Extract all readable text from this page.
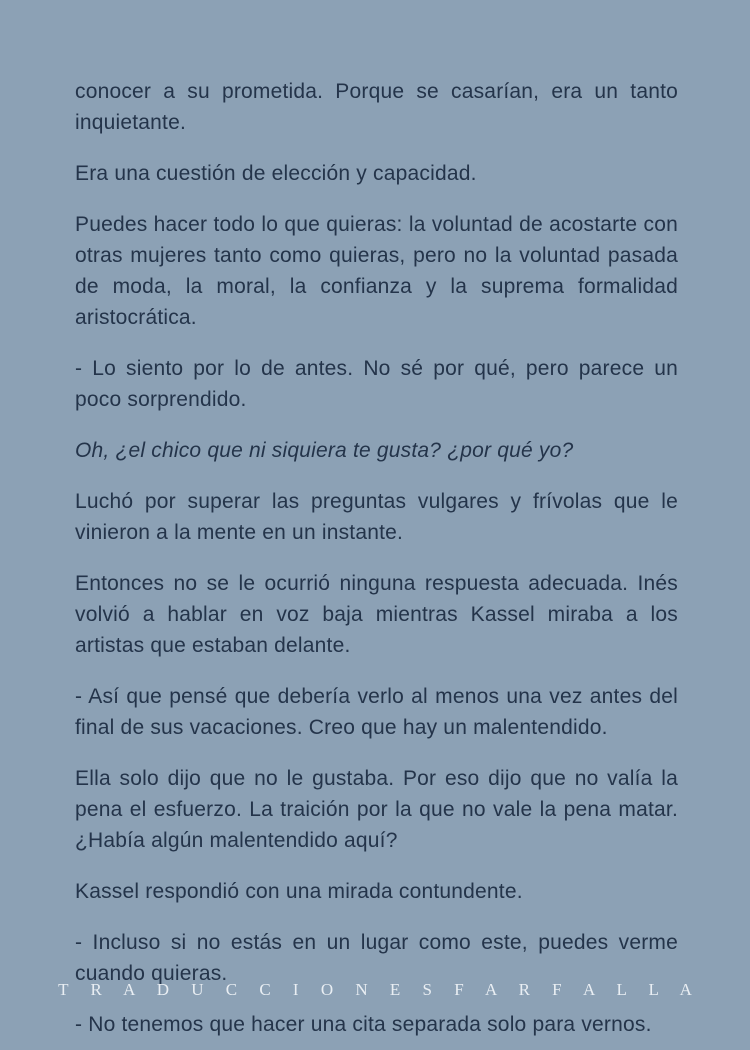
conocer a su prometida. Porque se casarían, era un tanto inquietante.

Era una cuestión de elección y capacidad.

Puedes hacer todo lo que quieras: la voluntad de acostarte con otras mujeres tanto como quieras, pero no la voluntad pasada de moda, la moral, la confianza y la suprema formalidad aristocrática.

- Lo siento por lo de antes. No sé por qué, pero parece un poco sorprendido.

Oh, ¿el chico que ni siquiera te gusta? ¿por qué yo?

Luchó por superar las preguntas vulgares y frívolas que le vinieron a la mente en un instante.

Entonces no se le ocurrió ninguna respuesta adecuada. Inés volvió a hablar en voz baja mientras Kassel miraba a los artistas que estaban delante.

- Así que pensé que debería verlo al menos una vez antes del final de sus vacaciones. Creo que hay un malentendido.

Ella solo dijo que no le gustaba. Por eso dijo que no valía la pena el esfuerzo. La traición por la que no vale la pena matar. ¿Había algún malentendido aquí?

Kassel respondió con una mirada contundente.

- Incluso si no estás en un lugar como este, puedes verme cuando quieras.

- No tenemos que hacer una cita separada solo para vernos.

T R A D U C C I O N E S F A R F A L L A
